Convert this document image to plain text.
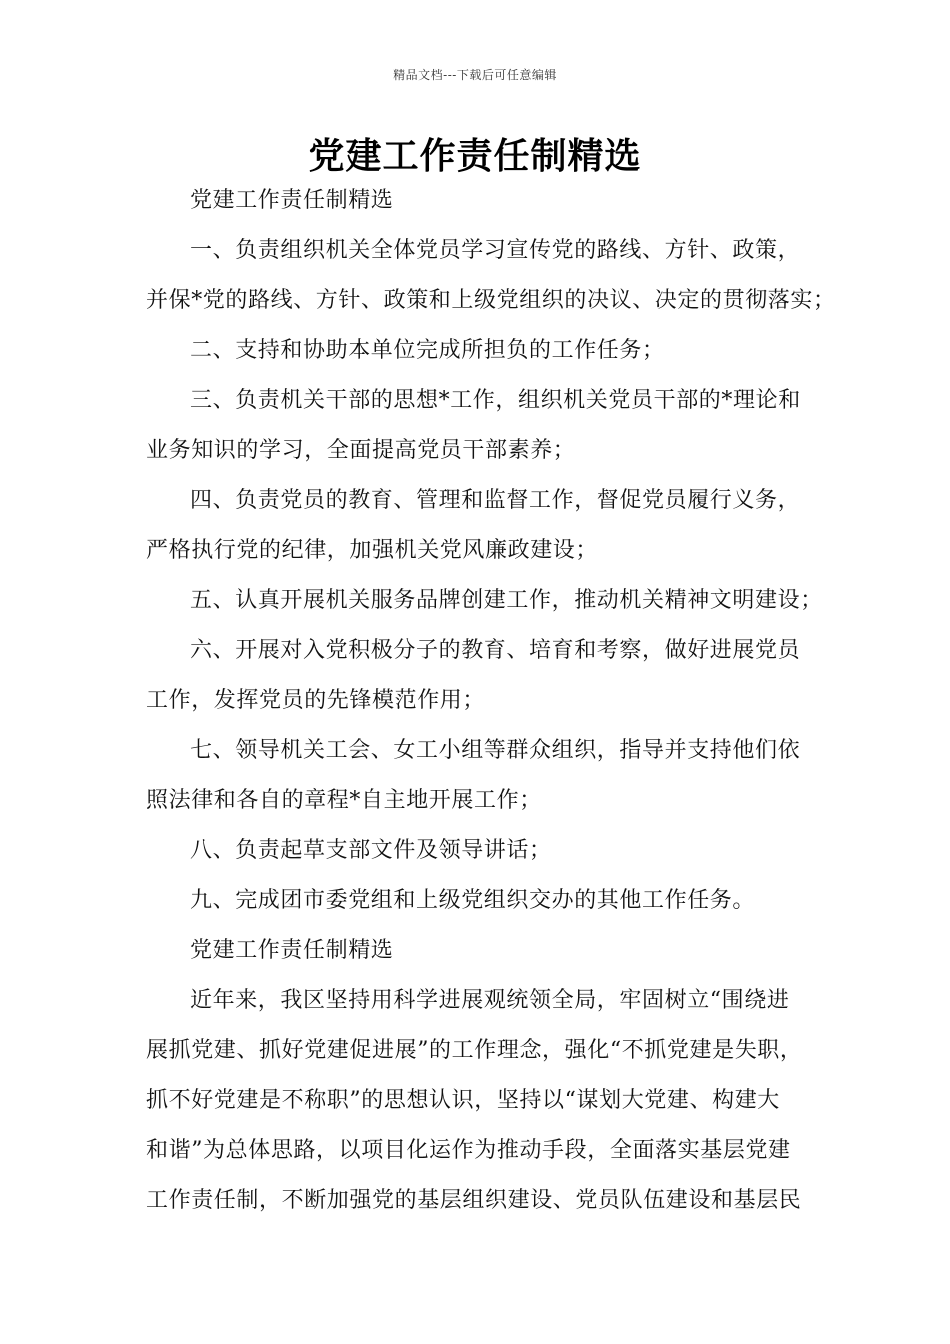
精品文档---下载后可任意编辑
党建工作责任制精选
党建工作责任制精选
一、负责组织机关全体党员学习宣传党的路线、方针、政策，
并保*党的路线、方针、政策和上级党组织的决议、决定的贯彻落实；
二、支持和协助本单位完成所担负的工作任务；
三、负责机关干部的思想*工作，组织机关党员干部的*理论和
业务知识的学习，全面提高党员干部素养；
四、负责党员的教育、管理和监督工作，督促党员履行义务，
严格执行党的纪律，加强机关党风廉政建设；
五、认真开展机关服务品牌创建工作，推动机关精神文明建设；
六、开展对入党积极分子的教育、培育和考察，做好进展党员
工作，发挥党员的先锋模范作用；
七、领导机关工会、女工小组等群众组织，指导并支持他们依
照法律和各自的章程*自主地开展工作；
八、负责起草支部文件及领导讲话；
九、完成团市委党组和上级党组织交办的其他工作任务。
党建工作责任制精选
近年来，我区坚持用科学进展观统领全局，牢固树立“围绕进
展抓党建、抓好党建促进展”的工作理念，强化“不抓党建是失职，
抓不好党建是不称职”的思想认识，坚持以“谋划大党建、构建大
和谐”为总体思路，以项目化运作为推动手段，全面落实基层党建
工作责任制，不断加强党的基层组织建设、党员队伍建设和基层民
